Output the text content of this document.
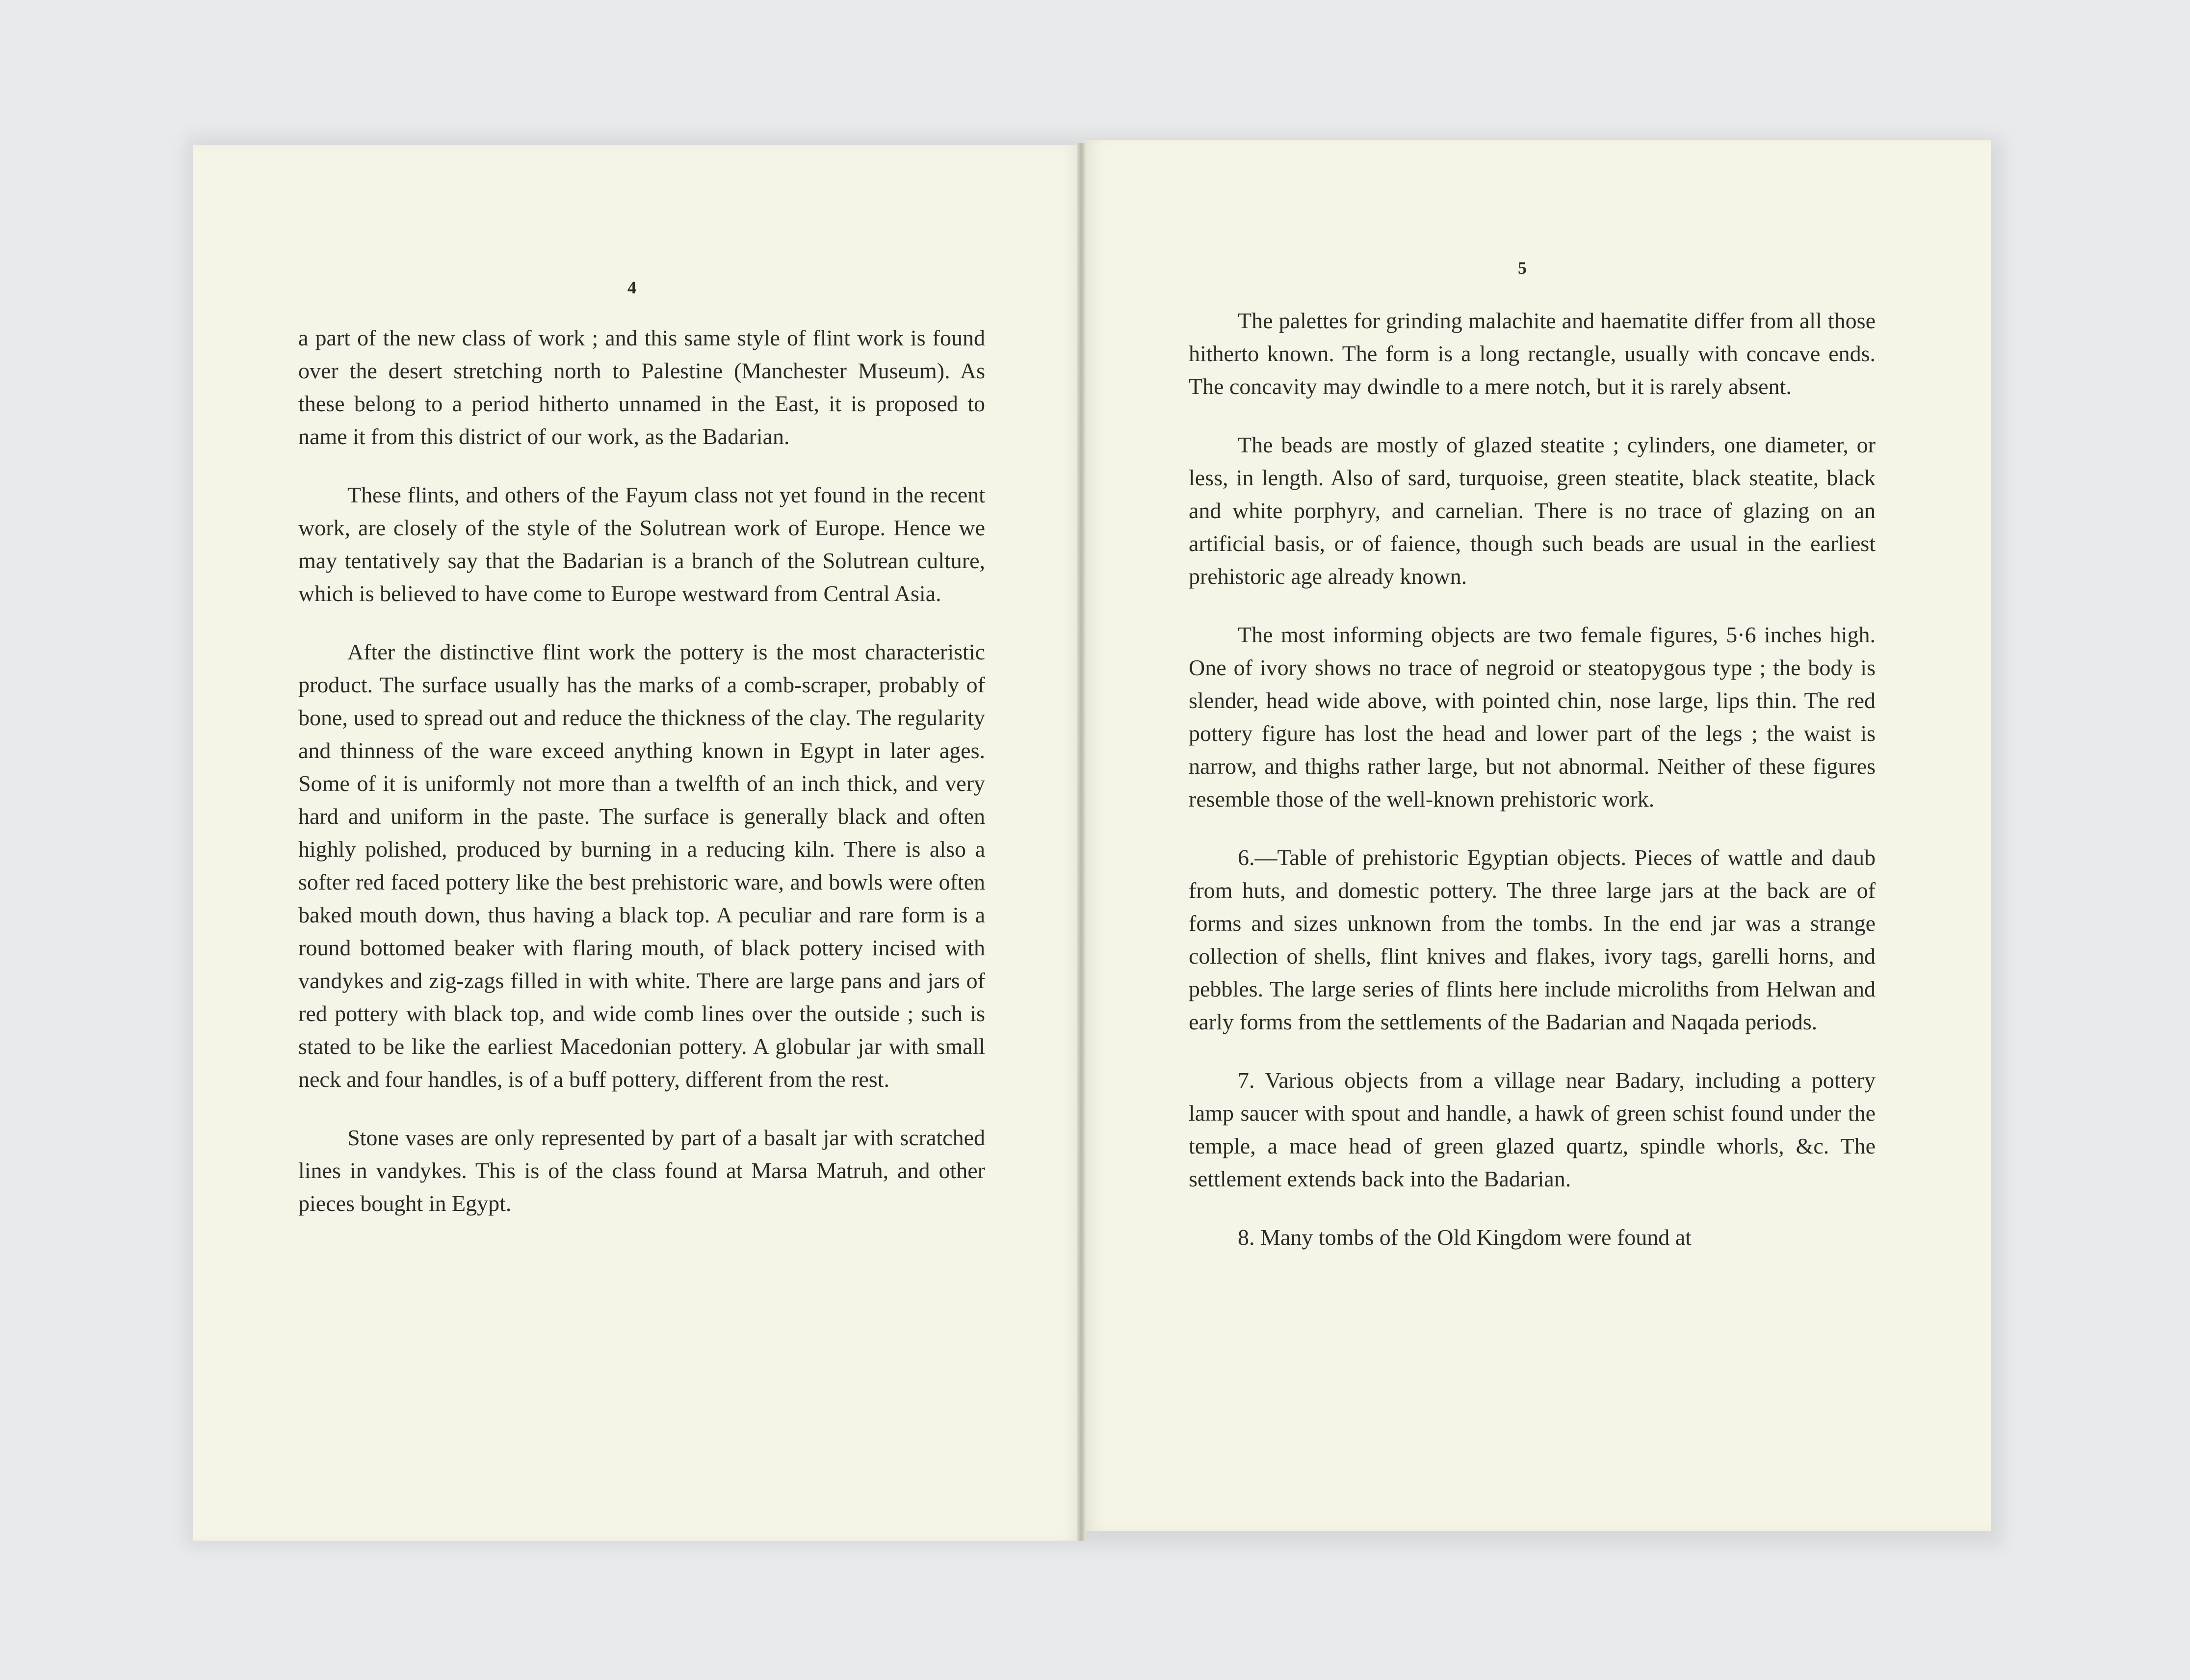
4

a part of the new class of work ; and this same style of flint work is found over the desert stretching north to Palestine (Manchester Museum). As these belong to a period hitherto unnamed in the East, it is proposed to name it from this district of our work, as the Badarian.

These flints, and others of the Fayum class not yet found in the recent work, are closely of the style of the Solutrean work of Europe. Hence we may tentatively say that the Badarian is a branch of the Solutrean culture, which is believed to have come to Europe westward from Central Asia.

After the distinctive flint work the pottery is the most characteristic product. The surface usually has the marks of a comb-scraper, probably of bone, used to spread out and reduce the thickness of the clay. The regularity and thinness of the ware exceed anything known in Egypt in later ages. Some of it is uniformly not more than a twelfth of an inch thick, and very hard and uniform in the paste. The surface is generally black and often highly polished, produced by burning in a reducing kiln. There is also a softer red faced pottery like the best prehistoric ware, and bowls were often baked mouth down, thus having a black top. A peculiar and rare form is a round bottomed beaker with flaring mouth, of black pottery incised with vandykes and zig-zags filled in with white. There are large pans and jars of red pottery with black top, and wide comb lines over the outside ; such is stated to be like the earliest Macedonian pottery. A globular jar with small neck and four handles, is of a buff pottery, different from the rest.

Stone vases are only represented by part of a basalt jar with scratched lines in vandykes. This is of the class found at Marsa Matruh, and other pieces bought in Egypt.

5

The palettes for grinding malachite and haematite differ from all those hitherto known. The form is a long rectangle, usually with concave ends. The concavity may dwindle to a mere notch, but it is rarely absent.

The beads are mostly of glazed steatite ; cylinders, one diameter, or less, in length. Also of sard, turquoise, green steatite, black steatite, black and white porphyry, and carnelian. There is no trace of glazing on an artificial basis, or of faience, though such beads are usual in the earliest prehistoric age already known.

The most informing objects are two female figures, 5·6 inches high. One of ivory shows no trace of negroid or steatopygous type ; the body is slender, head wide above, with pointed chin, nose large, lips thin. The red pottery figure has lost the head and lower part of the legs ; the waist is narrow, and thighs rather large, but not abnormal. Neither of these figures resemble those of the well-known prehistoric work.

6.—Table of prehistoric Egyptian objects. Pieces of wattle and daub from huts, and domestic pottery. The three large jars at the back are of forms and sizes unknown from the tombs. In the end jar was a strange collection of shells, flint knives and flakes, ivory tags, garelli horns, and pebbles. The large series of flints here include microliths from Helwan and early forms from the settlements of the Badarian and Naqada periods.

7. Various objects from a village near Badary, including a pottery lamp saucer with spout and handle, a hawk of green schist found under the temple, a mace head of green glazed quartz, spindle whorls, &c. The settlement extends back into the Badarian.

8. Many tombs of the Old Kingdom were found at
